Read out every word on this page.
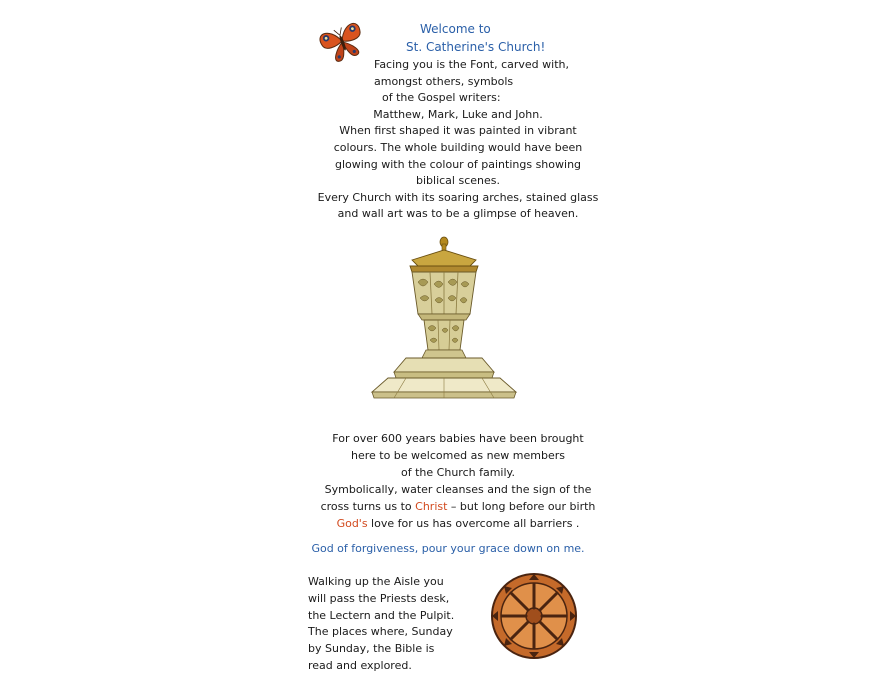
Welcome to
St. Catherine's Church!
Facing you is the Font, carved with,
amongst others, symbols
of the Gospel writers:
Matthew, Mark, Luke and John.
When first shaped it was painted in vibrant
colours. The whole building would have been
glowing with the colour of paintings showing
biblical scenes.
Every Church with its soaring arches, stained glass
and wall art was to be a glimpse of heaven.
For over 600 years babies have been brought
here to be welcomed as new members
of the Church family.
Symbolically, water cleanses and the sign of the
cross turns us to Christ – but long before our birth
God's love for us has overcome all barriers .
God of forgiveness, pour your grace down on me.
Walking up the Aisle you
will pass the Priests desk,
the Lectern and the Pulpit.
The places where, Sunday
by Sunday, the Bible is
read and explored.
